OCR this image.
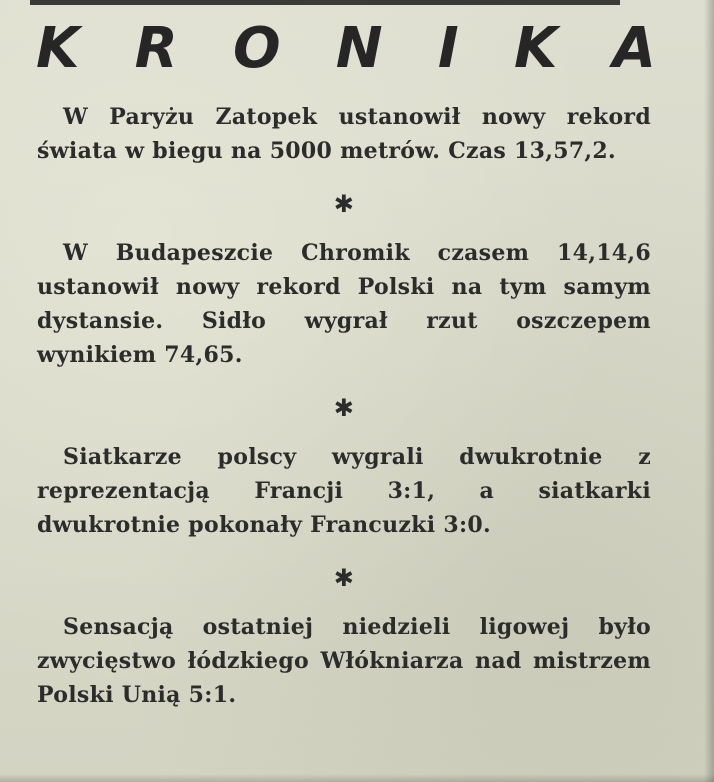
K R O N I K A

W Paryżu Zatopek ustanowił nowy rekord świata w biegu na 5000 metrów. Czas 13,57,2.

✱

W Budapeszcie Chromik czasem 14,14,6 ustanowił nowy rekord Polski na tym samym dystansie. Sidło wygrał rzut oszczepem wynikiem 74,65.

✱

Siatkarze polscy wygrali dwukrotnie z reprezentacją Francji 3:1, a siatkarki dwukrotnie pokonały Francuzki 3:0.

✱

Sensacją ostatniej niedzieli ligowej było zwycięstwo łódzkiego Włókniarza nad mistrzem Polski Unią 5:1.
